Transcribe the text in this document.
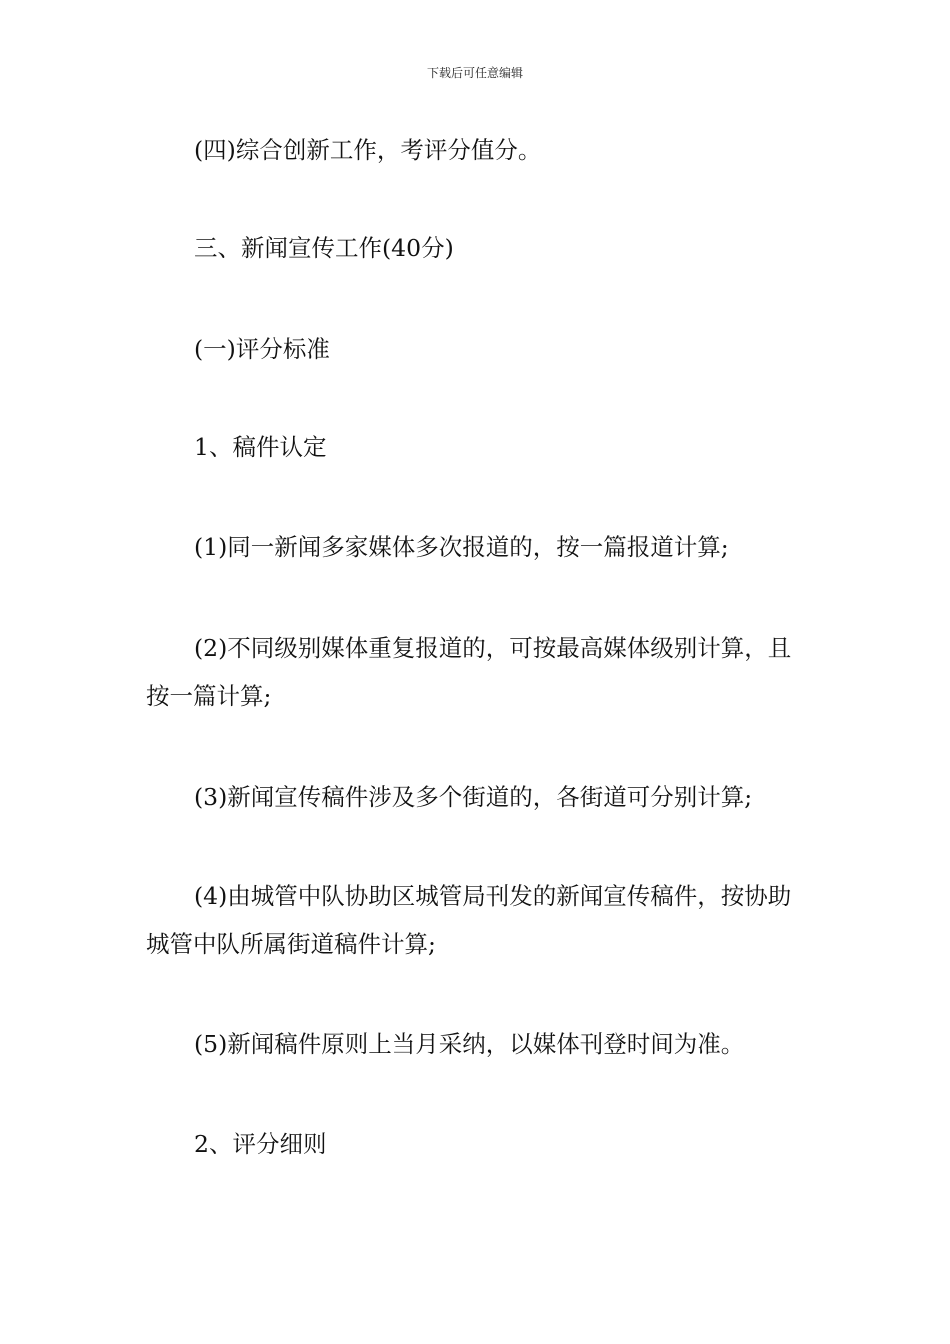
下载后可任意编辑

(四)综合创新工作，考评分值分。

三、新闻宣传工作(40分)

(一)评分标准

1、稿件认定

(1)同一新闻多家媒体多次报道的，按一篇报道计算;

(2)不同级别媒体重复报道的，可按最高媒体级别计算，且按一篇计算;

(3)新闻宣传稿件涉及多个街道的，各街道可分别计算;

(4)由城管中队协助区城管局刊发的新闻宣传稿件，按协助城管中队所属街道稿件计算;

(5)新闻稿件原则上当月采纳，以媒体刊登时间为准。

2、评分细则
